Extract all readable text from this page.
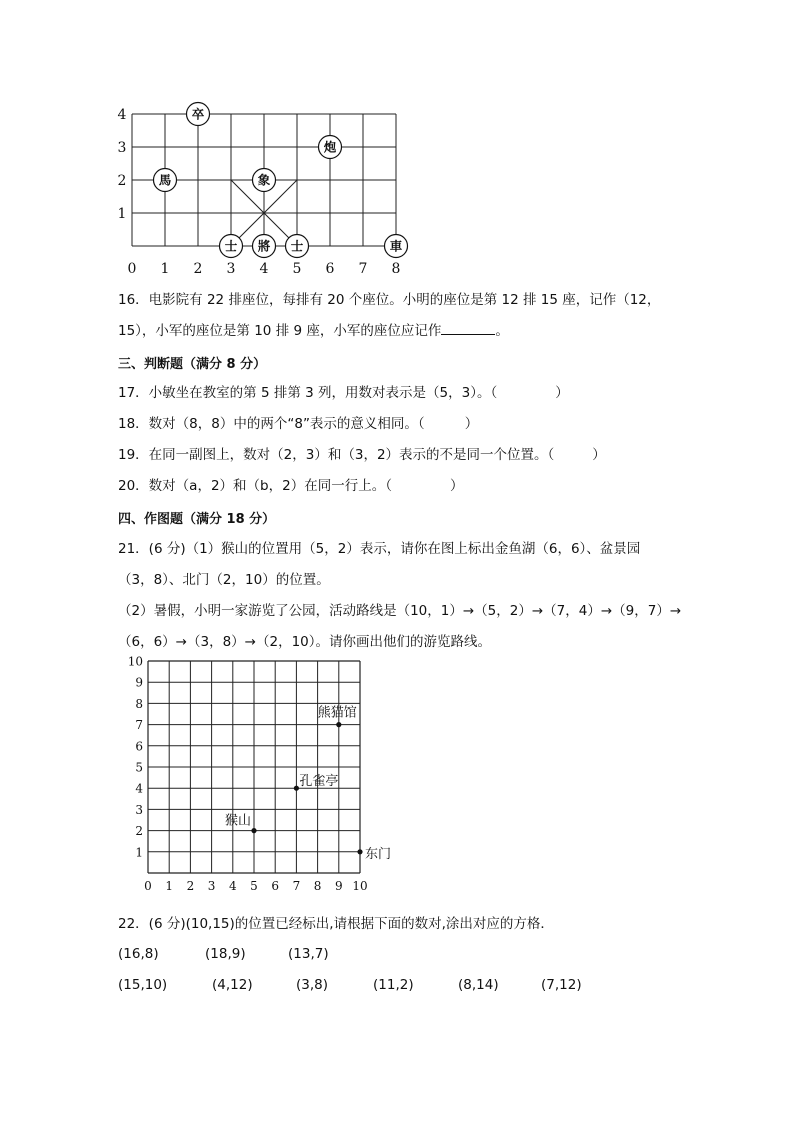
4
3
2
1
0 1 2 3 4 5 6 7 8
卒
炮
馬	象
士 將 士	車
16．电影院有 22 排座位，每排有 20 个座位。小明的座位是第 12 排 15 座，记作（12，
15），小军的座位是第 10 排 9 座，小军的座位应记作	。
三、判断题（满分 8 分）
17．小敏坐在教室的第 5 排第 3 列，用数对表示是（5，3）。（	）
18．数对（8，8）中的两个“8”表示的意义相同。（	）
19．在同一副图上，数对（2，3）和（3，2）表示的不是同一个位置。（	）
20．数对（a，2）和（b，2）在同一行上。（	）
四、作图题（满分 18 分）
21．(6 分)（1）猴山的位置用（5，2）表示，请你在图上标出金鱼湖（6，6）、盆景园
（3，8）、北门（2，10）的位置。
（2）暑假，小明一家游览了公园，活动路线是（10，1）→（5，2）→（7，4）→（9，7）→
（6，6）→（3，8）→（2，10）。请你画出他们的游览路线。
10
9
8
7
6
5
4
3
2
1
0 1 2 3 4 5 6 7 8 9 10
熊猫馆
孔雀亭
猴山
东门
22．(6 分)(10,15)的位置已经标出,请根据下面的数对,涂出对应的方格．
(16,8)	(18,9)	(13,7)
(15,10)	(4,12)	(3,8)	(11,2)	(8,14)	(7,12)
